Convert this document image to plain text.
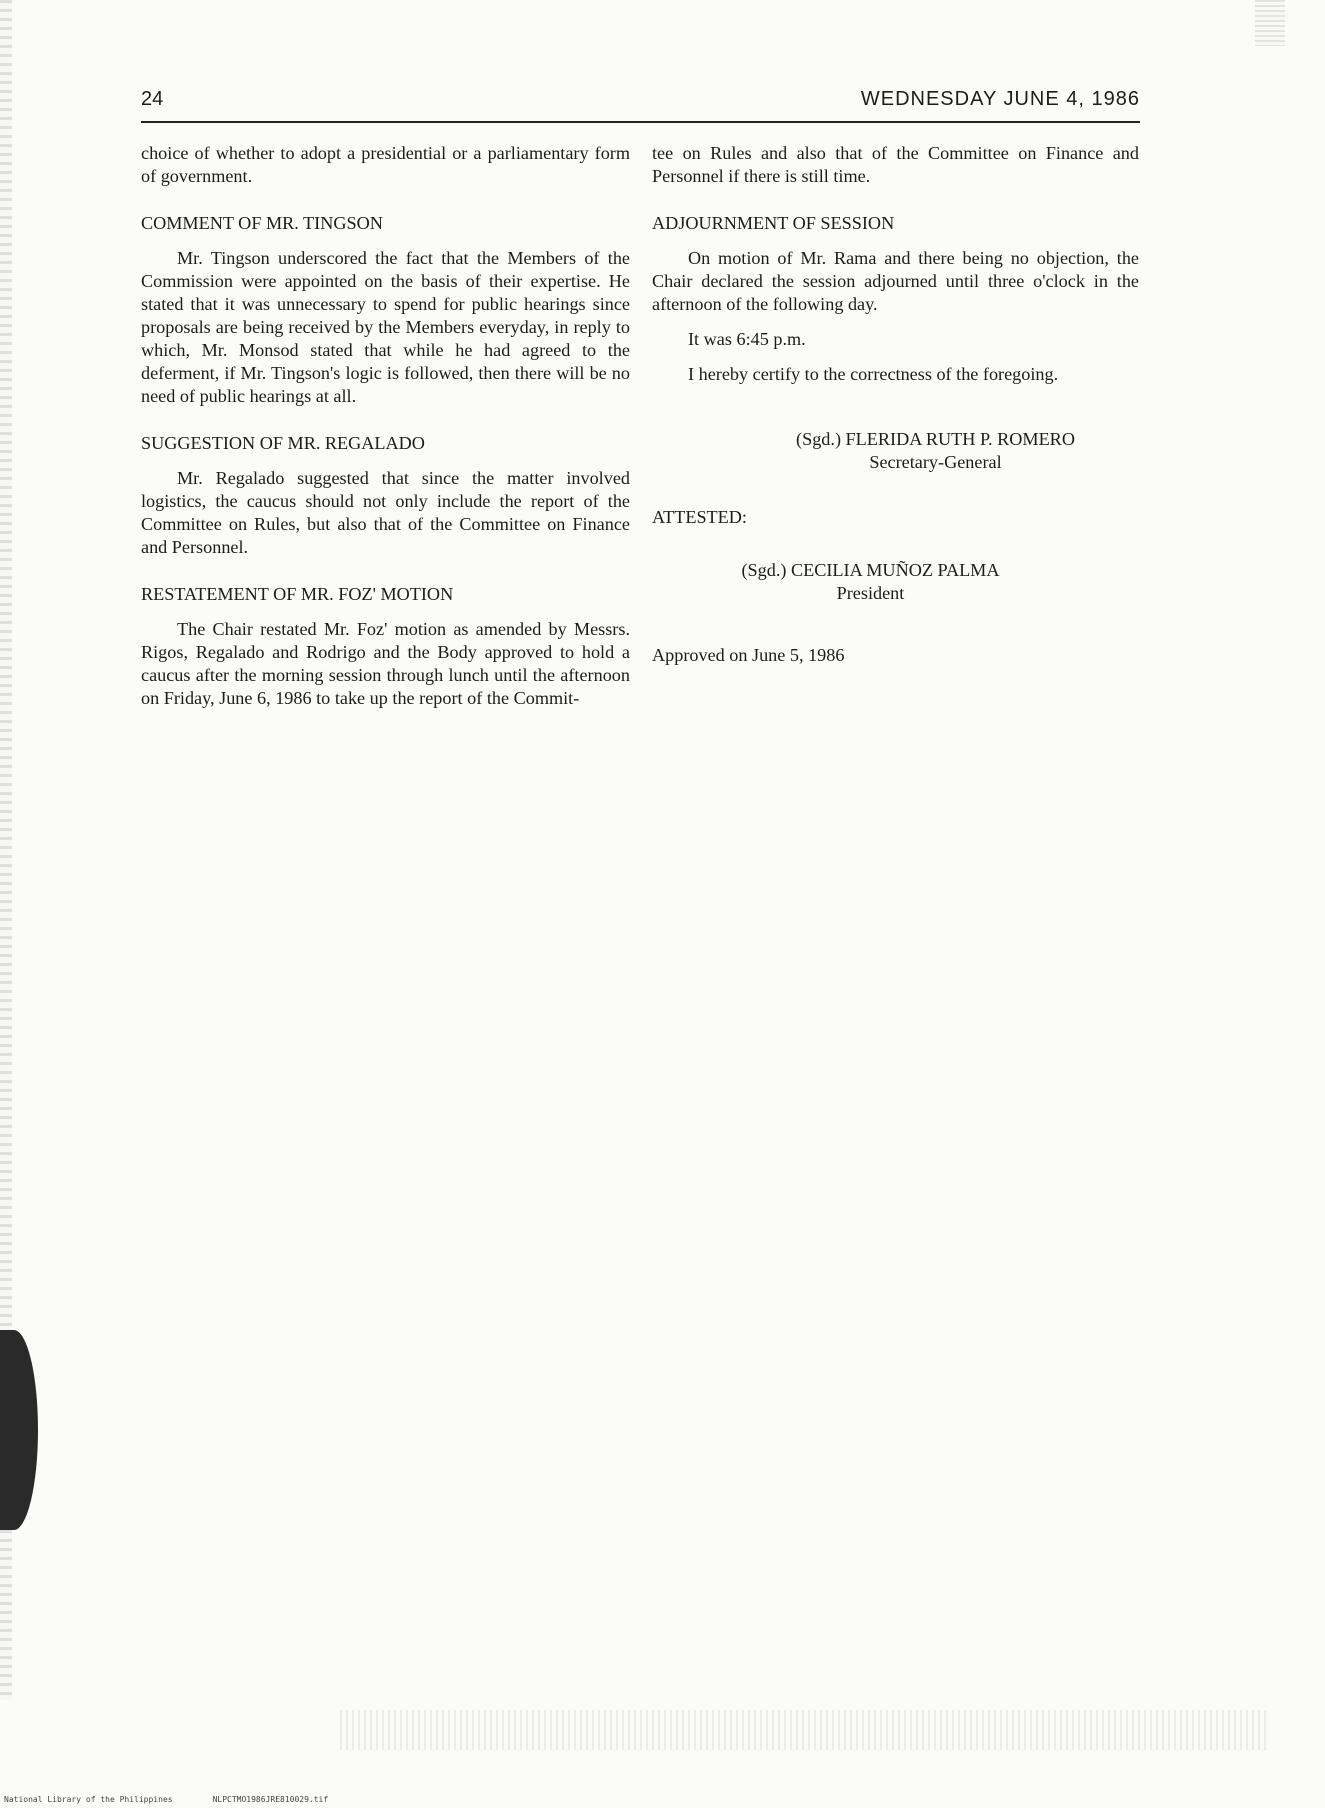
24	WEDNESDAY JUNE 4, 1986

choice of whether to adopt a presidential or a parliamentary form of government.

COMMENT OF MR. TINGSON

Mr. Tingson underscored the fact that the Members of the Commission were appointed on the basis of their expertise. He stated that it was unnecessary to spend for public hearings since proposals are being received by the Members everyday, in reply to which, Mr. Monsod stated that while he had agreed to the deferment, if Mr. Tingson's logic is followed, then there will be no need of public hearings at all.

SUGGESTION OF MR. REGALADO

Mr. Regalado suggested that since the matter involved logistics, the caucus should not only include the report of the Committee on Rules, but also that of the Committee on Finance and Personnel.

RESTATEMENT OF MR. FOZ' MOTION

The Chair restated Mr. Foz' motion as amended by Messrs. Rigos, Regalado and Rodrigo and the Body approved to hold a caucus after the morning session through lunch until the afternoon on Friday, June 6, 1986 to take up the report of the Commit-

tee on Rules and also that of the Committee on Finance and Personnel if there is still time.

ADJOURNMENT OF SESSION

On motion of Mr. Rama and there being no objection, the Chair declared the session adjourned until three o'clock in the afternoon of the following day.

It was 6:45 p.m.

I hereby certify to the correctness of the foregoing.

(Sgd.) FLERIDA RUTH P. ROMERO
Secretary-General
ATTESTED:
(Sgd.) CECILIA MUÑOZ PALMA
President
Approved on June 5, 1986
National Library of the Philippines	NLPCTMO1986JRE810029.tif
